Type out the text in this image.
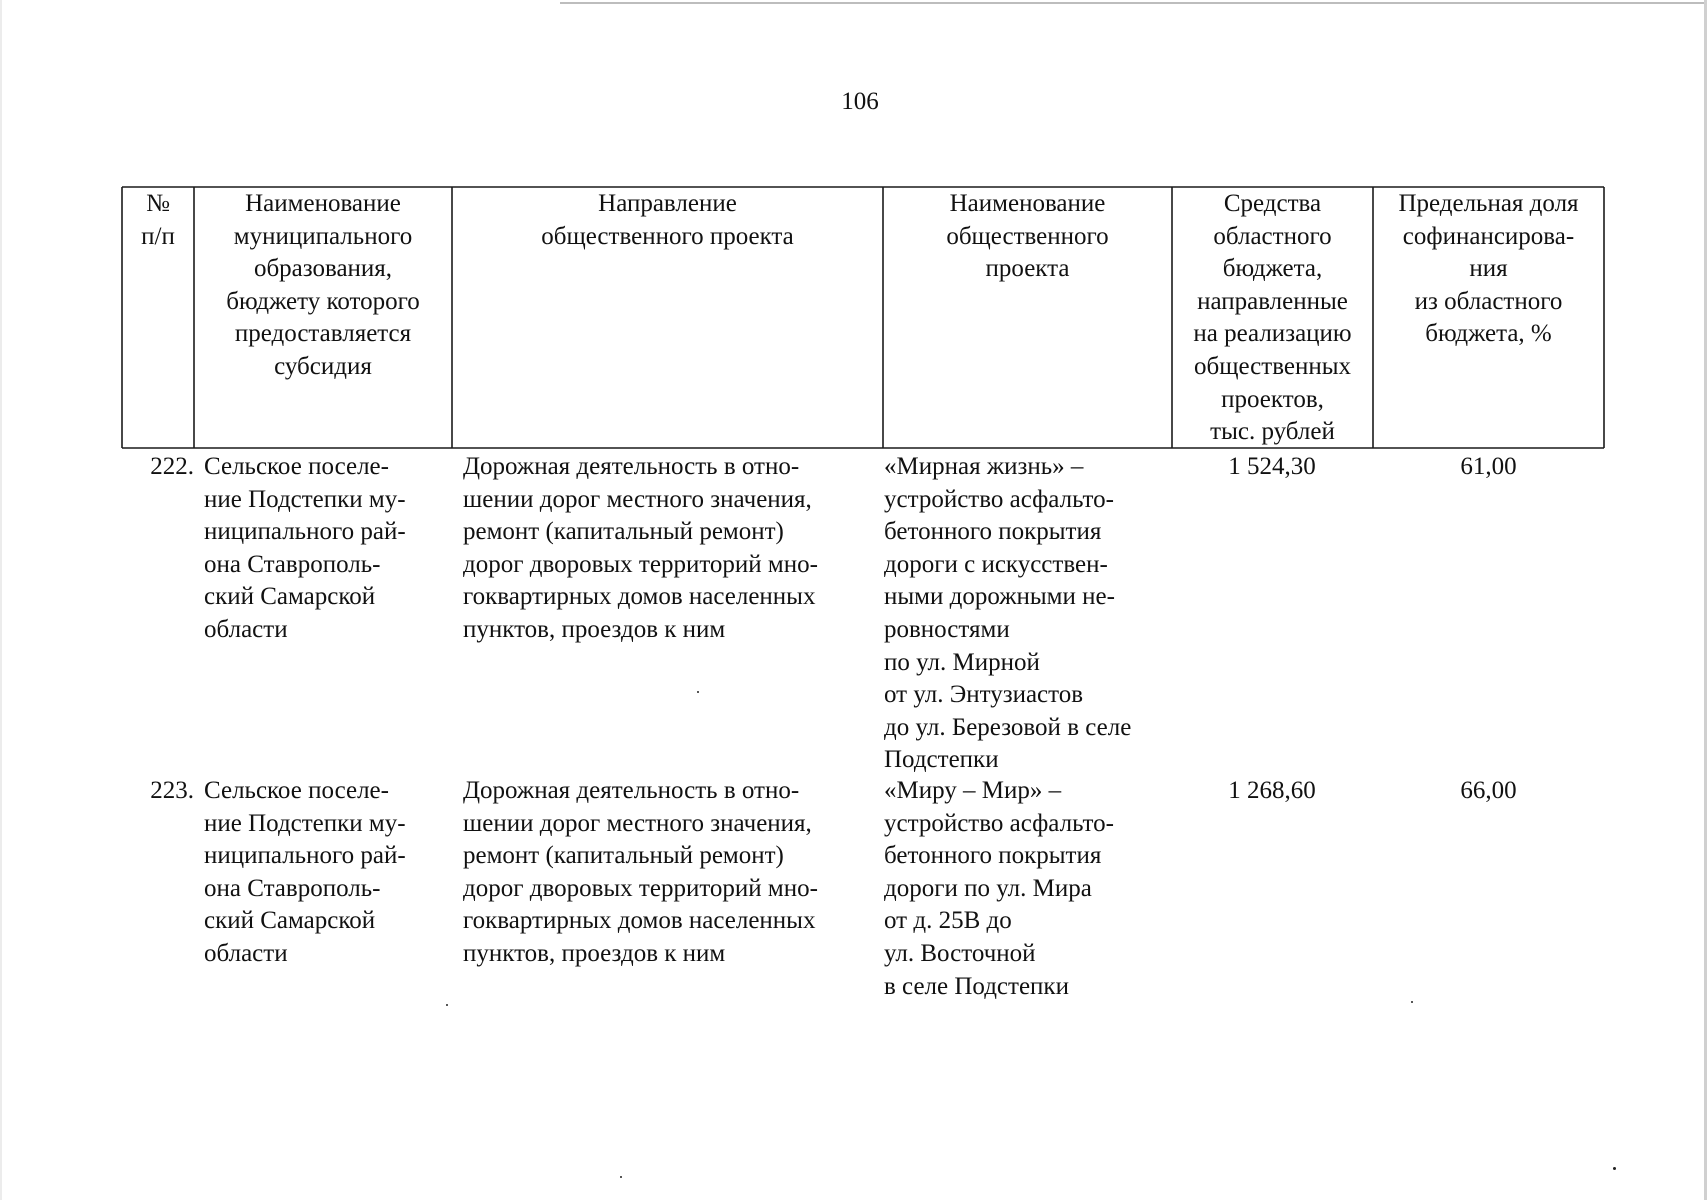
106
№
п/п
Наименование
муниципального
образования,
бюджету которого
предоставляется
субсидия
Направление
общественного проекта
Наименование
общественного
проекта
Средства
областного
бюджета,
направленные
на реализацию
общественных
проектов,
тыс. рублей
Предельная доля
софинансирова-
ния
из областного
бюджета, %
222. Сельское поселе-
ние Подстепки му-
ниципального рай-
она Ставрополь-
ский Самарской
области
Дорожная деятельность в отно-
шении дорог местного значения,
ремонт (капитальный ремонт)
дорог дворовых территорий мно-
гоквартирных домов населенных
пунктов, проездов к ним
«Мирная жизнь» –
устройство асфальто-
бетонного покрытия
дороги с искусствен-
ными дорожными не-
ровностями
по ул. Мирной
от ул. Энтузиастов
до ул. Березовой в селе
Подстепки
1 524,30	61,00
223. Сельское поселе-
ние Подстепки му-
ниципального рай-
она Ставрополь-
ский Самарской
области
Дорожная деятельность в отно-
шении дорог местного значения,
ремонт (капитальный ремонт)
дорог дворовых территорий мно-
гоквартирных домов населенных
пунктов, проездов к ним
«Миру – Мир» –
устройство асфальто-
бетонного покрытия
дороги по ул. Мира
от д. 25В до
ул. Восточной
в селе Подстепки
1 268,60	66,00
